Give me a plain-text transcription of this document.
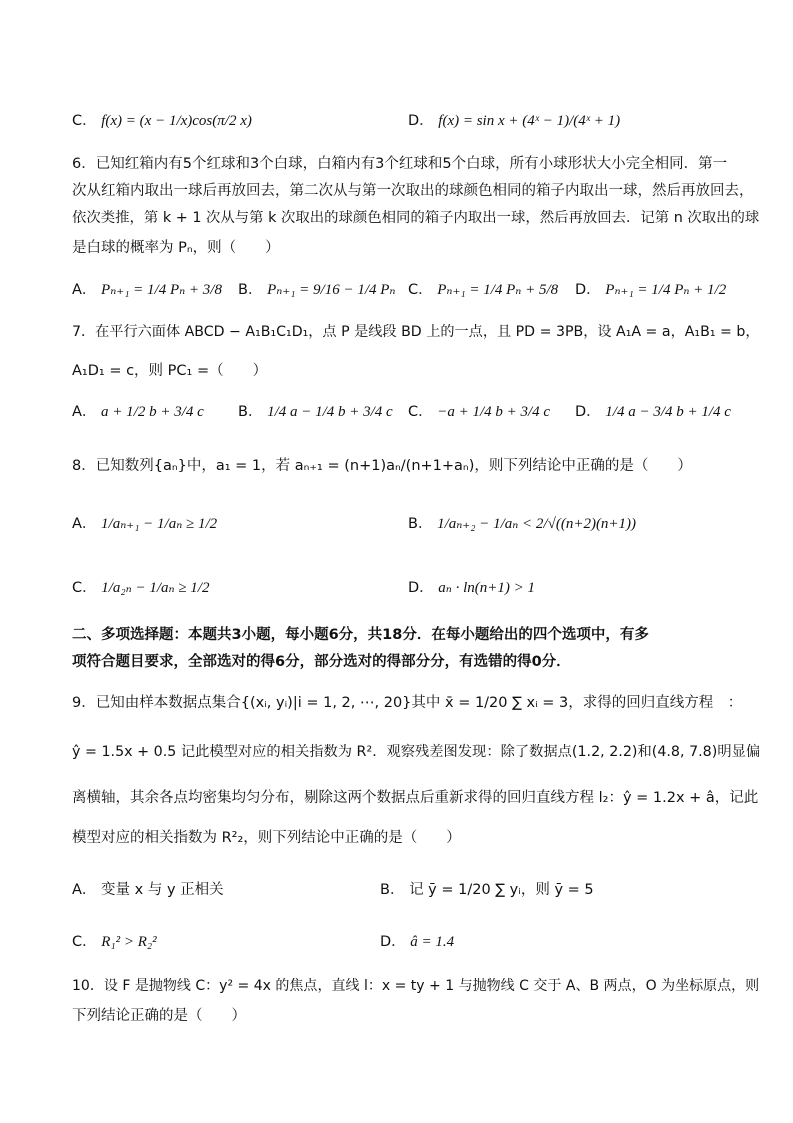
C． f(x) = (x − 1/x)cos(π/2 x)	D． f(x) = sin x + (4ˣ − 1)/(4ˣ + 1)
6．已知红箱内有5个红球和3个白球，白箱内有3个红球和5个白球，所有小球形状大小完全相同．第一
次从红箱内取出一球后再放回去，第二次从与第一次取出的球颜色相同的箱子内取出一球，然后再放回去，
依次类推，第 k + 1 次从与第 k 次取出的球颜色相同的箱子内取出一球，然后再放回去．记第 n 次取出的球
是白球的概率为 Pₙ，则（　　）
A． Pₙ₊₁ = 1/4 Pₙ + 3/8 B． Pₙ₊₁ = 9/16 − 1/4 Pₙ C． Pₙ₊₁ = 1/4 Pₙ + 5/8 D． Pₙ₊₁ = 1/4 Pₙ + 1/2
7．在平行六面体 ABCD − A₁B₁C₁D₁，点 P 是线段 BD 上的一点，且 PD = 3PB，设 A₁A = a，A₁B₁ = b，
A₁D₁ = c，则 PC₁ =（　　）
A． a + 1/2 b + 3/4 c B． 1/4 a − 1/4 b + 3/4 c C． −a + 1/4 b + 3/4 c D． 1/4 a − 3/4 b + 1/4 c
8．已知数列{aₙ}中，a₁ = 1，若 aₙ₊₁ = (n+1)aₙ/(n+1+aₙ)，则下列结论中正确的是（　　）
A． 1/aₙ₊₁ − 1/aₙ ≥ 1/2	B． 1/aₙ₊₂ − 1/aₙ < 2/√((n+2)(n+1))
C． 1/a₂ₙ − 1/aₙ ≥ 1/2	D． aₙ · ln(n+1) > 1
二、多项选择题：本题共3小题，每小题6分，共18分．在每小题给出的四个选项中，有多
项符合题目要求，全部选对的得6分，部分选对的得部分分，有选错的得0分．
9．已知由样本数据点集合{(xᵢ, yᵢ)|i = 1, 2, ⋯, 20}其中 x̄ = 1/20 ∑ xᵢ = 3，求得的回归直线方程　：
ŷ = 1.5x + 0.5 记此模型对应的相关指数为 R²．观察残差图发现：除了数据点(1.2, 2.2)和(4.8, 7.8)明显偏
离横轴，其余各点均密集均匀分布，剔除这两个数据点后重新求得的回归直线方程 l₂：ŷ = 1.2x + â，记此
模型对应的相关指数为 R²₂，则下列结论中正确的是（　　）
A． 变量 x 与 y 正相关	B． 记 ȳ = 1/20 ∑ yᵢ，则 ȳ = 5
C． R₁² > R₂²	D． â = 1.4
10．设 F 是抛物线 C：y² = 4x 的焦点，直线 l：x = ty + 1 与抛物线 C 交于 A、B 两点，O 为坐标原点，则
下列结论正确的是（　　）
